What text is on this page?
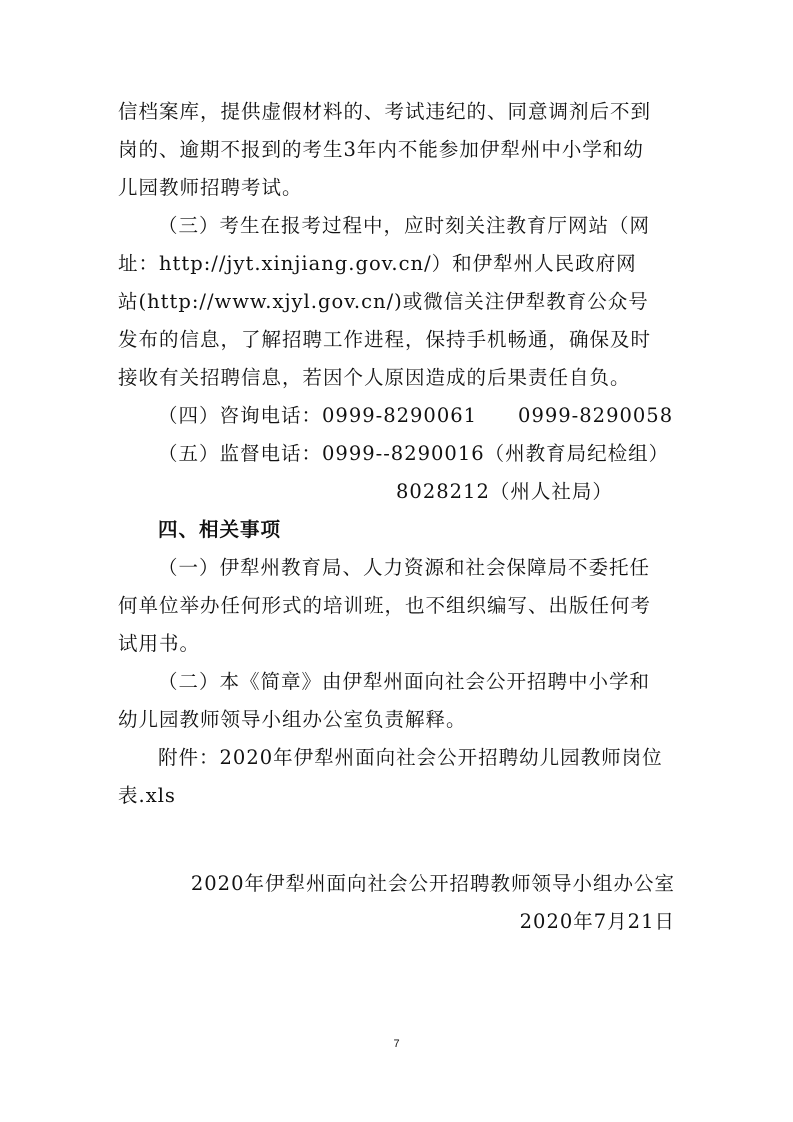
信档案库，提供虚假材料的、考试违纪的、同意调剂后不到
岗的、逾期不报到的考生3年内不能参加伊犁州中小学和幼
儿园教师招聘考试。
（三）考生在报考过程中，应时刻关注教育厅网站（网
址：http://jyt.xinjiang.gov.cn/）和伊犁州人民政府网
站(http://www.xjyl.gov.cn/)或微信关注伊犁教育公众号
发布的信息，了解招聘工作进程，保持手机畅通，确保及时
接收有关招聘信息，若因个人原因造成的后果责任自负。
（四）咨询电话：0999-8290061　　0999-8290058
（五）监督电话：0999--8290016（州教育局纪检组）
8028212（州人社局）
四、相关事项
（一）伊犁州教育局、人力资源和社会保障局不委托任
何单位举办任何形式的培训班，也不组织编写、出版任何考
试用书。
（二）本《简章》由伊犁州面向社会公开招聘中小学和
幼儿园教师领导小组办公室负责解释。
附件：2020年伊犁州面向社会公开招聘幼儿园教师岗位
表.xls
2020年伊犁州面向社会公开招聘教师领导小组办公室
2020年7月21日
7
